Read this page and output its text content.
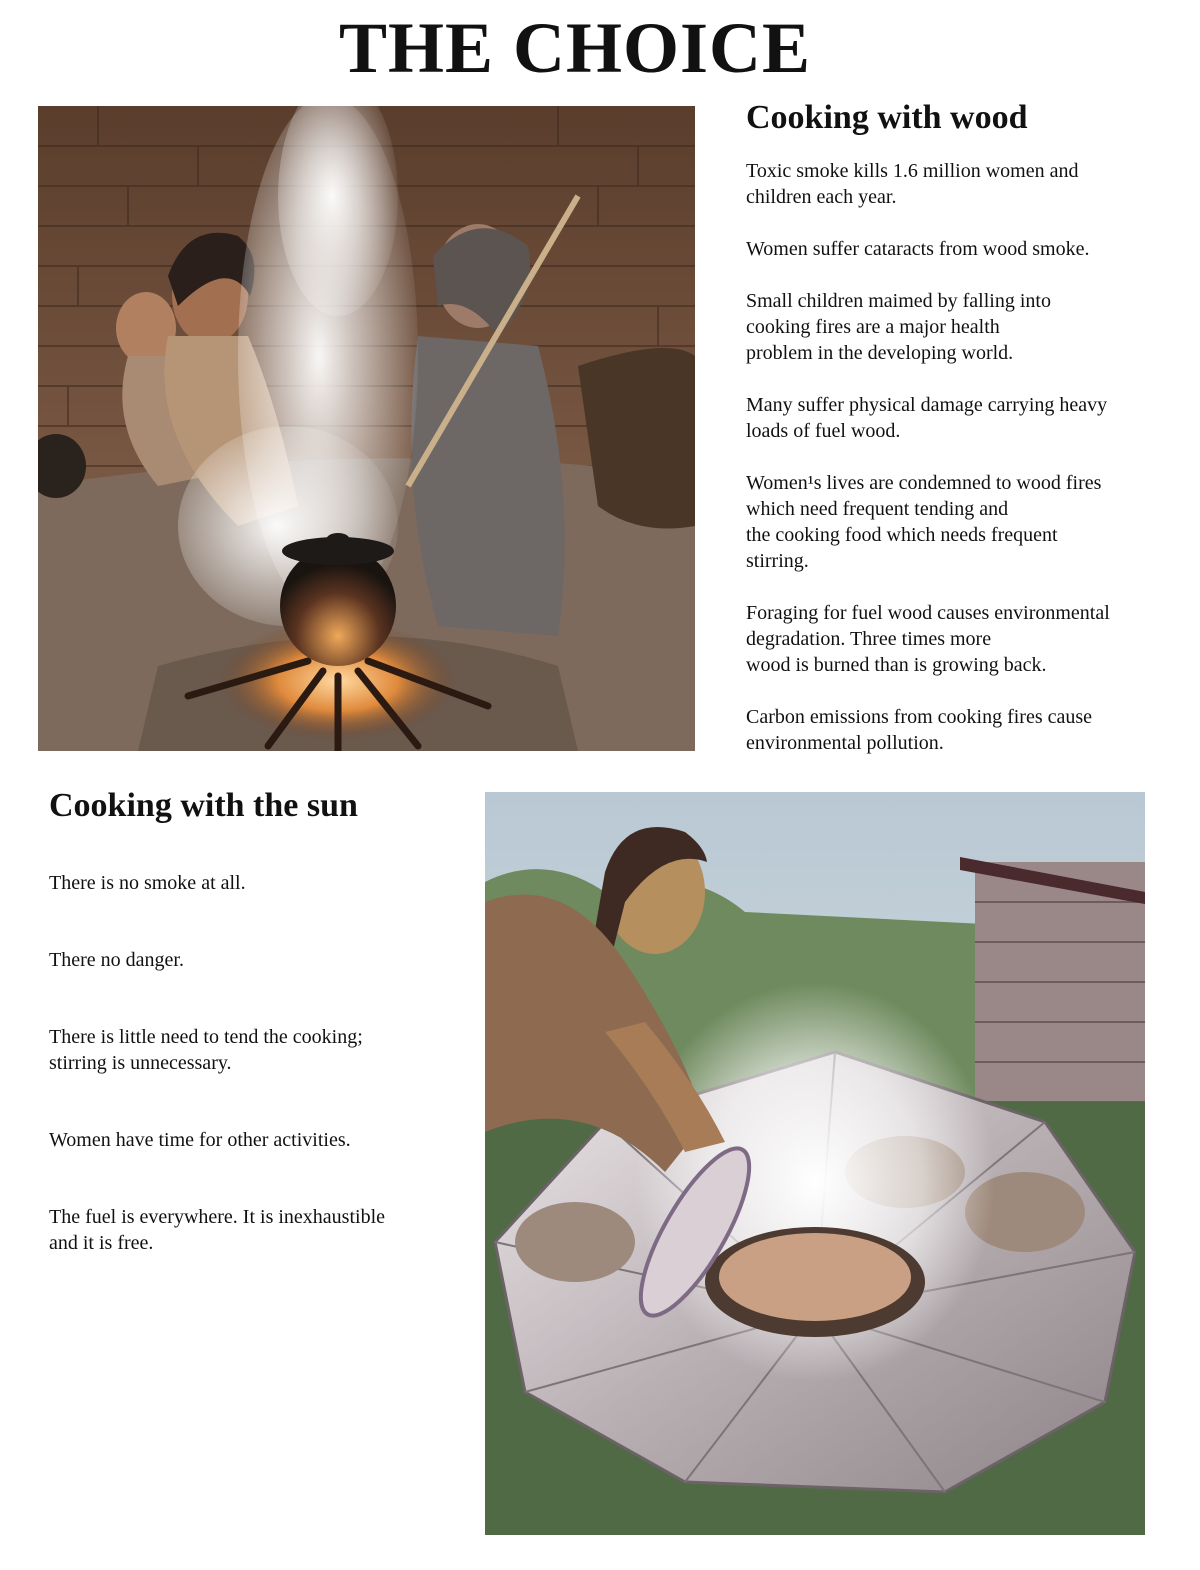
THE CHOICE
Cooking with wood

Toxic smoke kills 1.6 million women and
children each year.

Women suffer cataracts from wood smoke.

Small children maimed by falling into
cooking fires are a major health
problem in the developing world.

Many suffer physical damage carrying heavy
loads of fuel wood.

Women¹s lives are condemned to wood fires
which need frequent tending and
the cooking food which needs frequent
stirring.

Foraging for fuel wood causes environmental
degradation. Three times more
wood is burned than is growing back.

Carbon emissions from cooking fires cause
environmental pollution.

Cooking with the sun

There is no smoke at all.

There no danger.

There is little need to tend the cooking;
stirring is unnecessary.

Women have time for other activities.

The fuel is everywhere. It is inexhaustible
and it is free.
